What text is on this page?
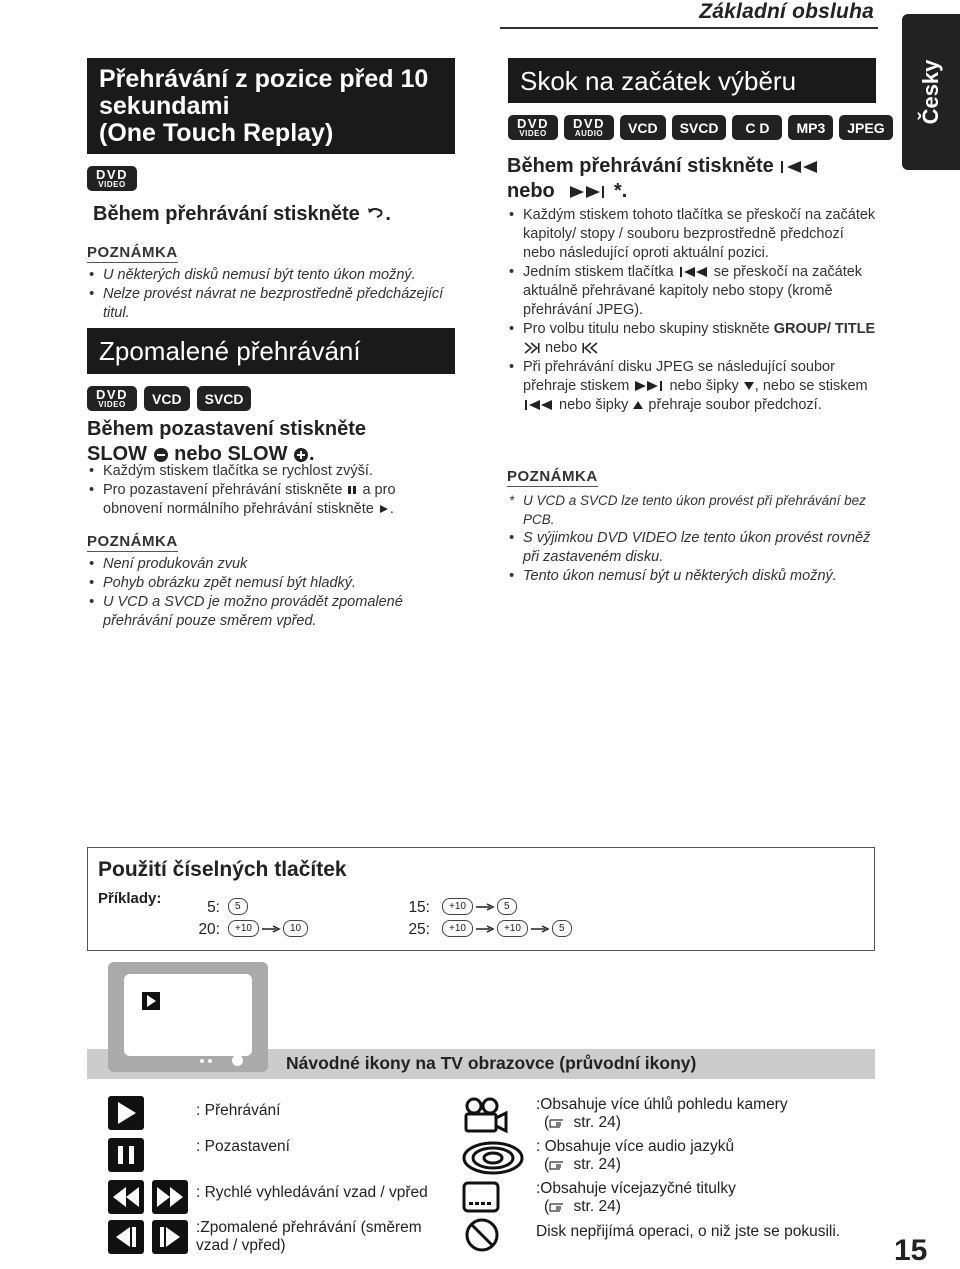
Základní obsluha
Česky
Přehrávání z pozice před 10
sekundami
(One Touch Replay)
DVD
VIDEO
Během přehrávání stiskněte .
POZNÁMKA
• U některých disků nemusí být tento úkon možný.
• Nelze provést návrat ne bezprostředně předcházející titul.
Zpomalené přehrávání
DVD
VIDEO	VCD	SVCD
Během pozastavení stiskněte
SLOW nebo SLOW .
• Každým stiskem tlačítka se rychlost zvýší.
• Pro pozastavení přehrávání stiskněte a pro obnovení normálního přehrávání stiskněte .
POZNÁMKA
• Není produkován zvuk
• Pohyb obrázku zpět nemusí být hladký.
• U VCD a SVCD je možno provádět zpomalené přehrávání pouze směrem vpřed.
Skok na začátek výběru
DVD
VIDEO
DVD
AUDIO	VCD	SVCD	C D	MP3	JPEG
Během přehrávání stiskněte
nebo	*.
• Každým stiskem tohoto tlačítka se přeskočí na začátek kapitoly/ stopy / souboru bezprostředně předchozí nebo následující oproti aktuální pozici.
• Jedním stiskem tlačítka	se přeskočí na začátek aktuálně přehrávané kapitoly nebo stopy (kromě přehrávání JPEG).
• Pro volbu titulu nebo skupiny stiskněte GROUP/ TITLE  nebo
• Při přehrávání disku JPEG se následující soubor přehraje stiskem	nebo šipky , nebo se stiskem  nebo šipky přehraje soubor předchozí.
POZNÁMKA
* U VCD a SVCD lze tento úkon provést při přehrávání bez PCB.
• S výjimkou DVD VIDEO lze tento úkon provést rovněž při zastaveném disku.
• Tento úkon nemusí být u některých disků možný.
Použití číselných tlačítek
Příklady:
5:	5
20:	+10	10
15:	+10	5
25:	+10	+10	5
Návodné ikony na TV obrazovce (průvodní ikony)
: Přehrávání
: Pozastavení
: Rychlé vyhledávání vzad / vpřed
:Zpomalené přehrávání (směrem vzad / vpřed)
:Obsahuje více úhlů pohledu kamery
( str. 24)
: Obsahuje více audio jazyků
( str. 24)
:Obsahuje vícejazyčné titulky
( str. 24)
Disk nepřijímá operaci, o niž jste se pokusili.
15
